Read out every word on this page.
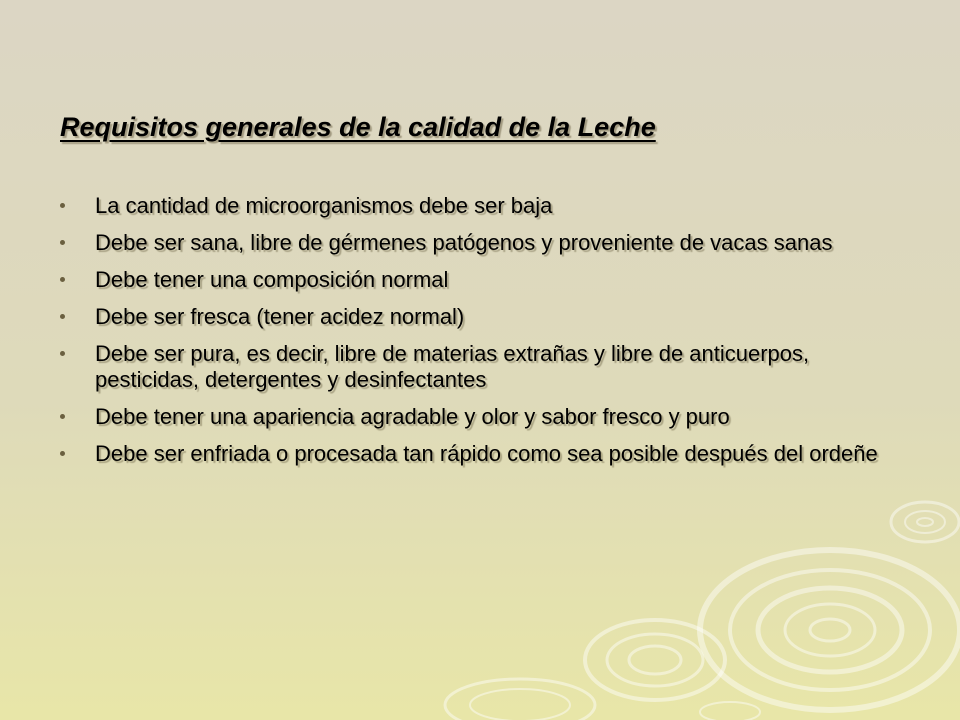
Requisitos generales de la calidad de la Leche
La cantidad de microorganismos debe ser baja
Debe ser sana, libre de gérmenes patógenos y proveniente de vacas sanas
Debe tener una composición normal
Debe ser fresca (tener acidez normal)
Debe ser pura, es decir, libre de materias extrañas y libre de anticuerpos, pesticidas, detergentes y desinfectantes
Debe tener una apariencia agradable y olor y sabor fresco y puro
Debe ser enfriada o procesada tan rápido como sea posible después del ordeñe
